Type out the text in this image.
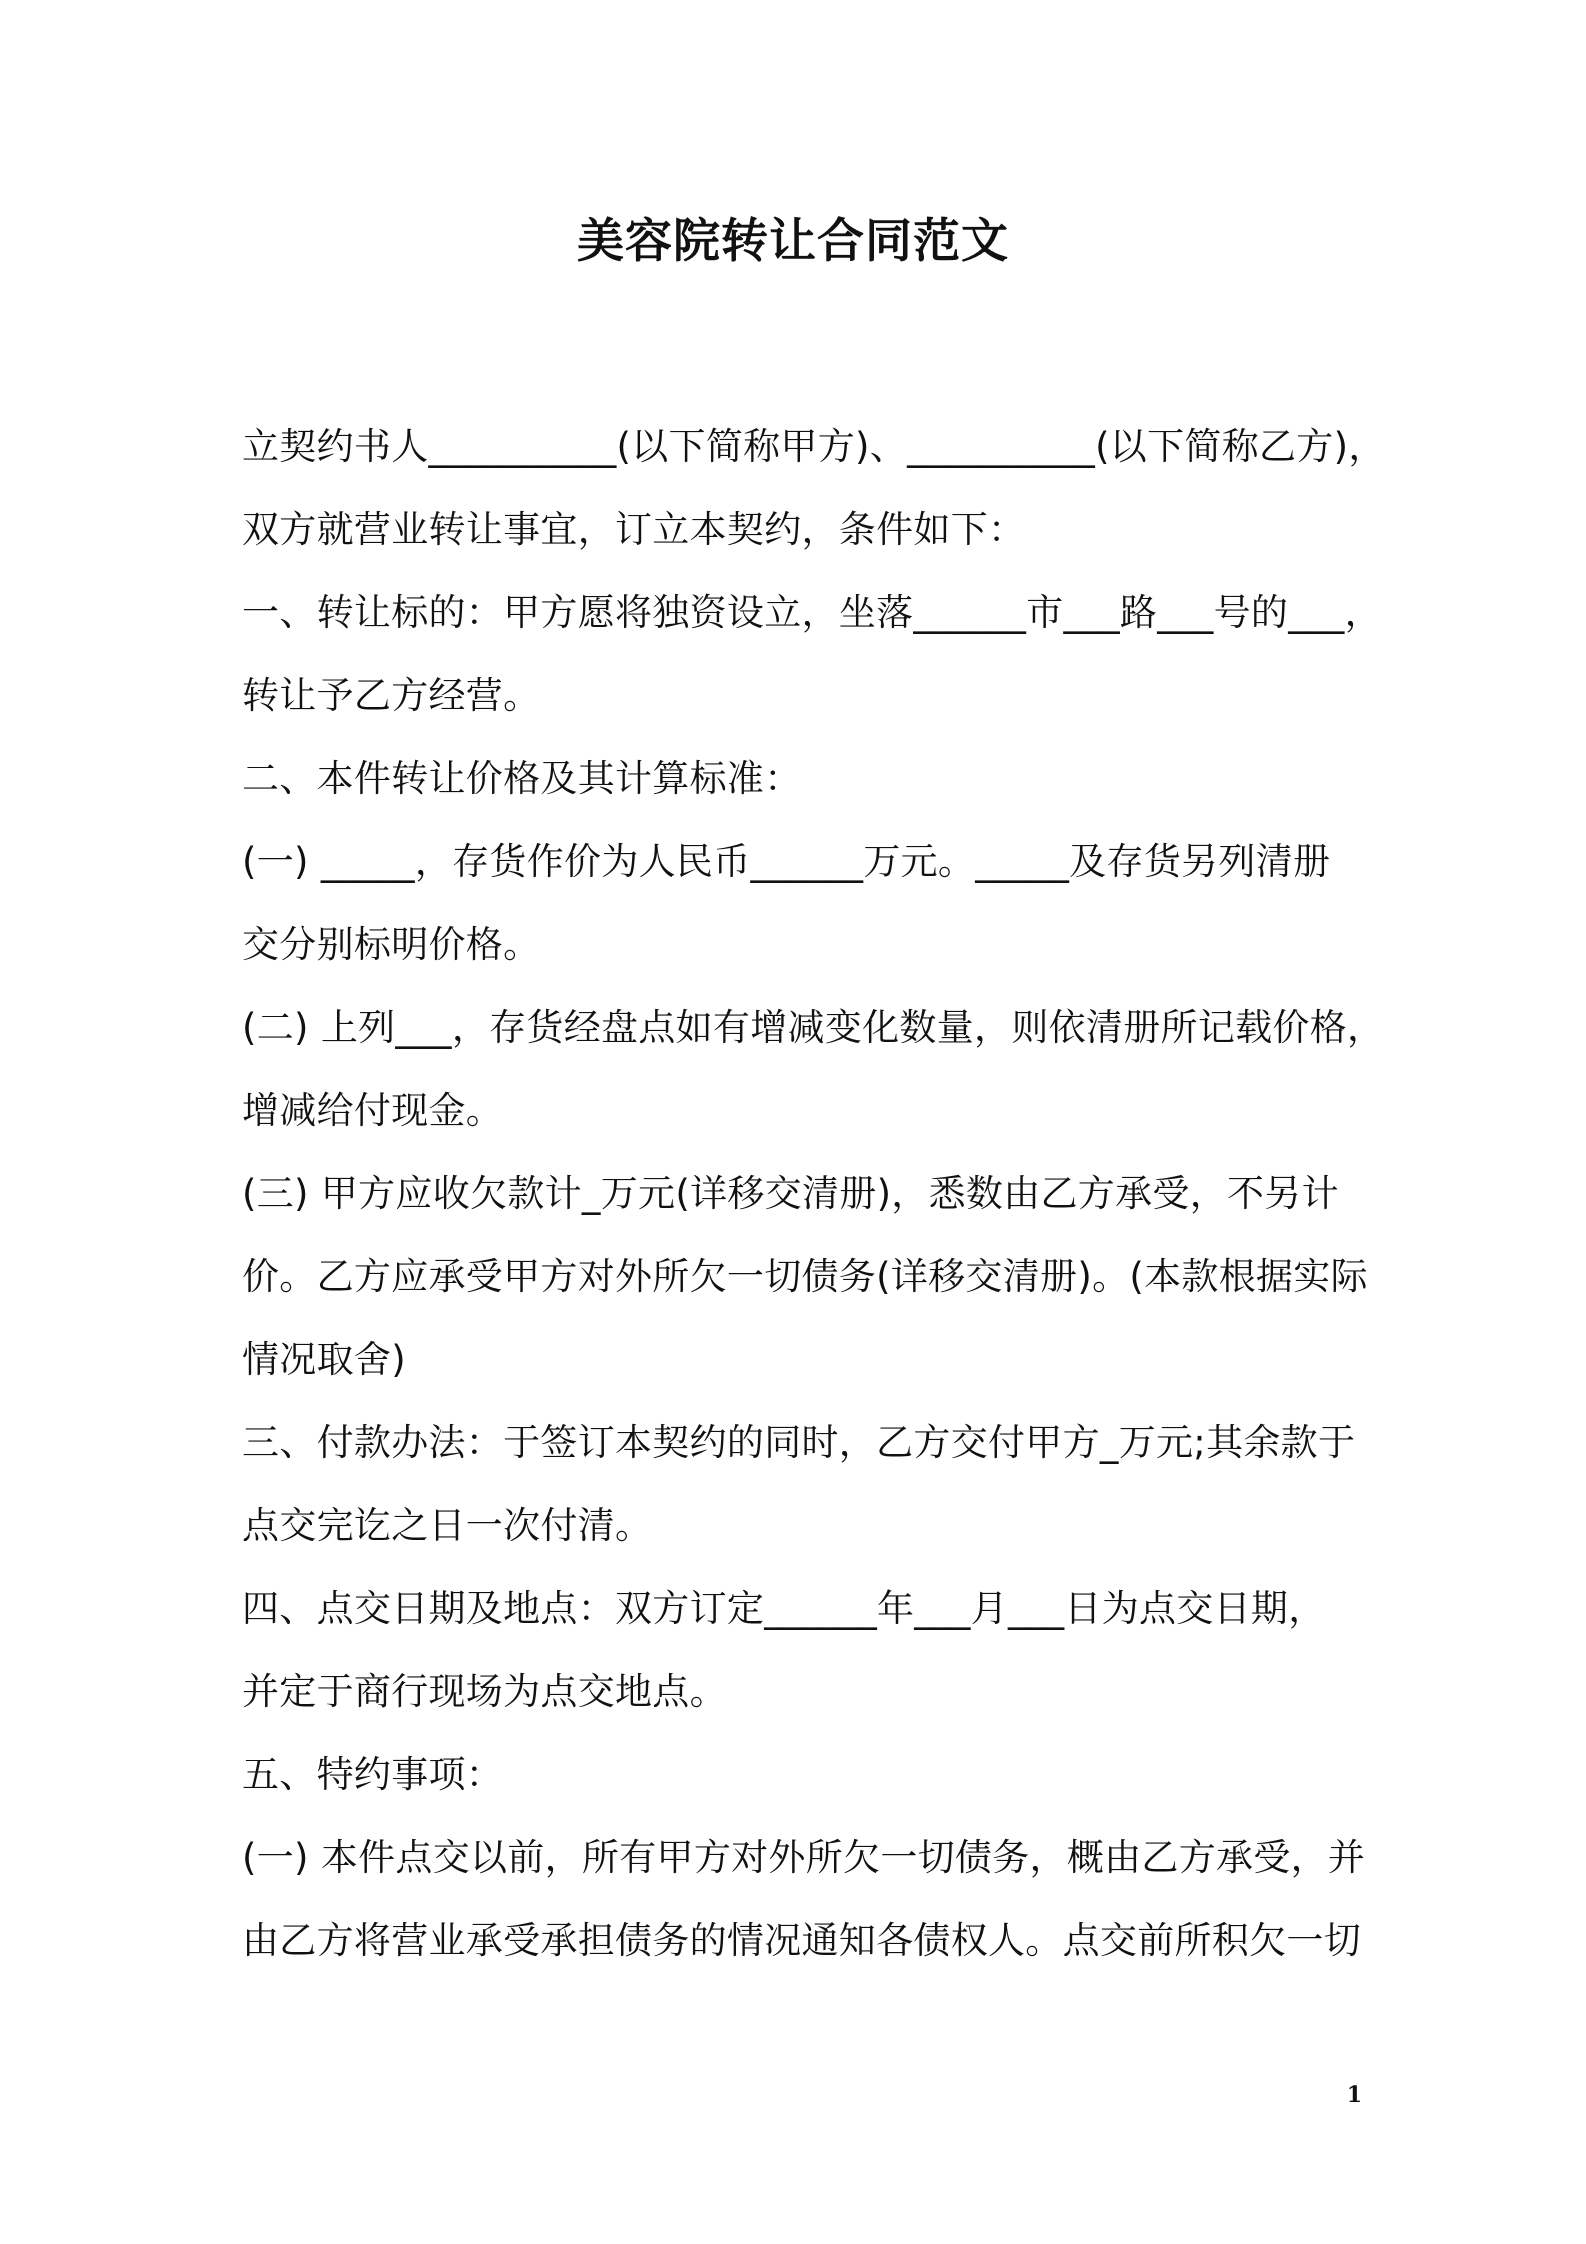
美容院转让合同范文
立契约书人__________(以下简称甲方)、__________(以下简称乙方)，
双方就营业转让事宜，订立本契约，条件如下：
一、转让标的：甲方愿将独资设立，坐落______市___路___号的___，
转让予乙方经营。
二、本件转让价格及其计算标准：
(一) _____，存货作价为人民币______万元。_____及存货另列清册
交分别标明价格。
(二) 上列___，存货经盘点如有增减变化数量，则依清册所记载价格，
增减给付现金。
(三) 甲方应收欠款计_万元(详移交清册)，悉数由乙方承受，不另计
价。乙方应承受甲方对外所欠一切债务(详移交清册)。(本款根据实际
情况取舍)
三、付款办法：于签订本契约的同时，乙方交付甲方_万元;其余款于
点交完讫之日一次付清。
四、点交日期及地点：双方订定______年___月___日为点交日期，
并定于商行现场为点交地点。
五、特约事项：
(一) 本件点交以前，所有甲方对外所欠一切债务，概由乙方承受，并
由乙方将营业承受承担债务的情况通知各债权人。点交前所积欠一切
1
